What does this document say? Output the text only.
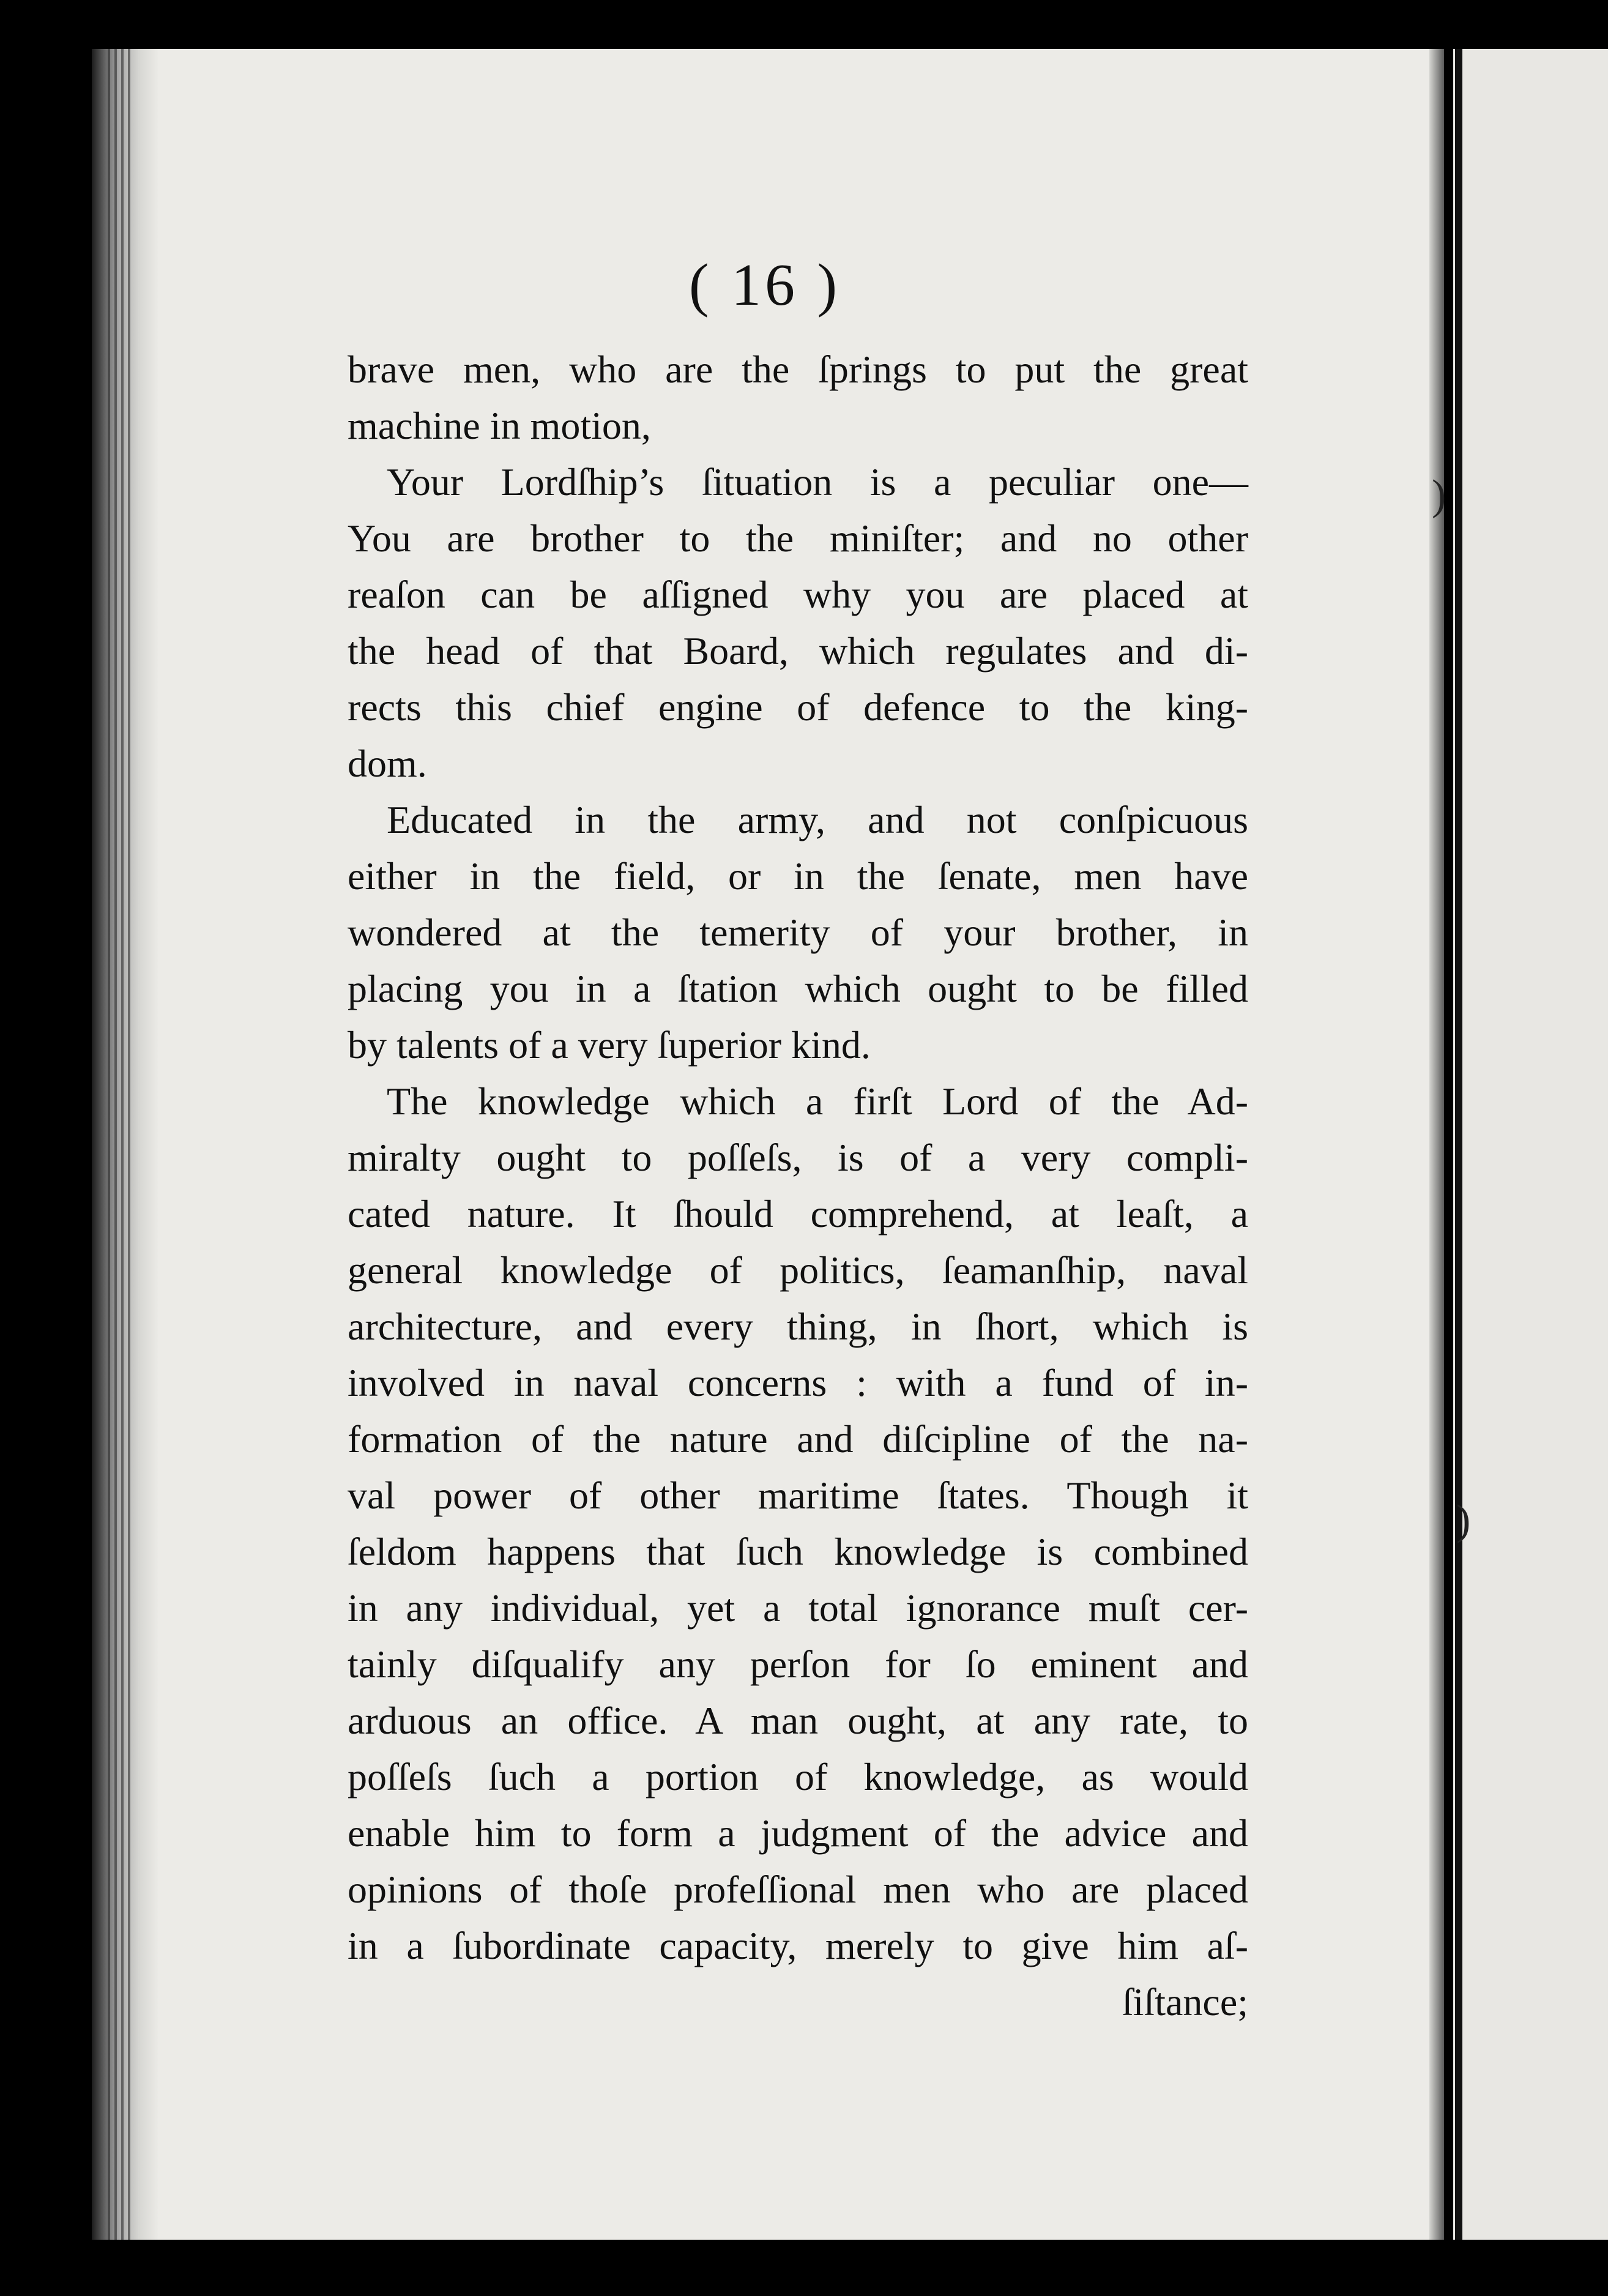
)
)
( 16 )
brave men, who are the ſprings to put the great
machine in motion,
Your Lordſhip’s ſituation is a peculiar one—
You are brother to the miniſter; and no other
reaſon can be aſſigned why you are placed at
the head of that Board, which regulates and di-
rects this chief engine of defence to the king-
dom.
Educated in the army, and not conſpicuous
either in the field, or in the ſenate, men have
wondered at the temerity of your brother, in
placing you in a ſtation which ought to be filled
by talents of a very ſuperior kind.
The knowledge which a firſt Lord of the Ad-
miralty ought to poſſeſs, is of a very compli-
cated nature. It ſhould comprehend, at leaſt, a
general knowledge of politics, ſeamanſhip, naval
architecture, and every thing, in ſhort, which is
involved in naval concerns : with a fund of in-
formation of the nature and diſcipline of the na-
val power of other maritime ſtates. Though it
ſeldom happens that ſuch knowledge is combined
in any individual, yet a total ignorance muſt cer-
tainly diſqualify any perſon for ſo eminent and
arduous an office. A man ought, at any rate, to
poſſeſs ſuch a portion of knowledge, as would
enable him to form a judgment of the advice and
opinions of thoſe profeſſional men who are placed
in a ſubordinate capacity, merely to give him aſ-
ſiſtance;
